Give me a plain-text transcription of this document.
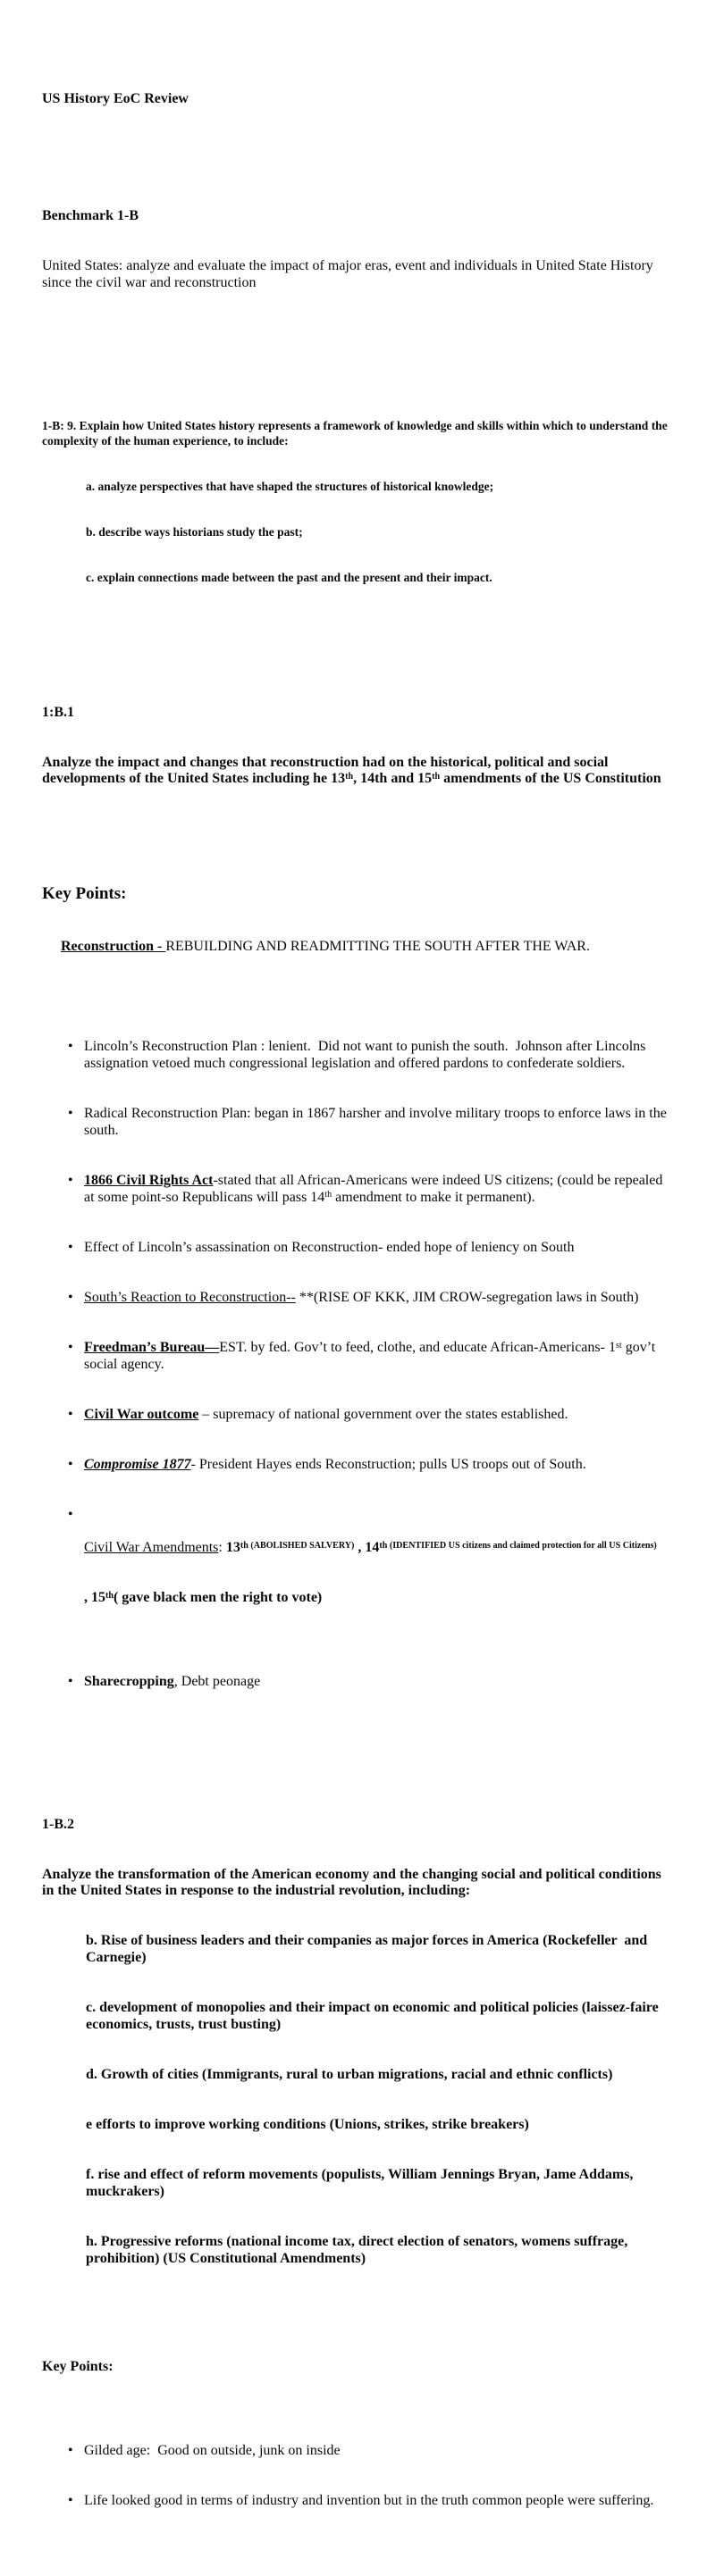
US History EoC Review

Benchmark 1-B

United States: analyze and evaluate the impact of major eras, event and individuals in United State History since the civil war and reconstruction

1-B: 9. Explain how United States history represents a framework of knowledge and skills within which to understand the complexity of the human experience, to include:

a. analyze perspectives that have shaped the structures of historical knowledge;

b. describe ways historians study the past;

c. explain connections made between the past and the present and their impact.

1:B.1

Analyze the impact and changes that reconstruction had on the historical, political and social developments of the United States including he 13th, 14th and 15th amendments of the US Constitution

Key Points:

Reconstruction - REBUILDING AND READMITTING THE SOUTH AFTER THE WAR.

• Lincoln’s Reconstruction Plan : lenient.  Did not want to punish the south.  Johnson after Lincolns assignation vetoed much congressional legislation and offered pardons to confederate soldiers.

• Radical Reconstruction Plan: began in 1867 harsher and involve military troops to enforce laws in the south.

• 1866 Civil Rights Act-stated that all African-Americans were indeed US citizens; (could be repealed at some point-so Republicans will pass 14th amendment to make it permanent).

• Effect of Lincoln’s assassination on Reconstruction- ended hope of leniency on South

• South’s Reaction to Reconstruction-- **(RISE OF KKK, JIM CROW-segregation laws in South)

• Freedman’s Bureau—EST. by fed. Gov’t to feed, clothe, and educate African-Americans- 1st gov’t social agency.

• Civil War outcome – supremacy of national government over the states established.

• Compromise 1877- President Hayes ends Reconstruction; pulls US troops out of South.

• Civil War Amendments: $13^{th (ABOLISHED SALVERY)}$ , $14^{th (IDENTIFIED US citizens and claimed protection for all US Citizens)}$

, 15th( gave black men the right to vote)

• Sharecropping, Debt peonage

1-B.2

Analyze the transformation of the American economy and the changing social and political conditions in the United States in response to the industrial revolution, including:

b. Rise of business leaders and their companies as major forces in America (Rockefeller  and Carnegie)

c. development of monopolies and their impact on economic and political policies (laissez-faire economics, trusts, trust busting)

d. Growth of cities (Immigrants, rural to urban migrations, racial and ethnic conflicts)

e efforts to improve working conditions (Unions, strikes, strike breakers)

f. rise and effect of reform movements (populists, William Jennings Bryan, Jame Addams, muckrakers)

h. Progressive reforms (national income tax, direct election of senators, womens suffrage, prohibition) (US Constitutional Amendments)

Key Points:

• Gilded age:  Good on outside, junk on inside

• Life looked good in terms of industry and invention but in the truth common people were suffering.
